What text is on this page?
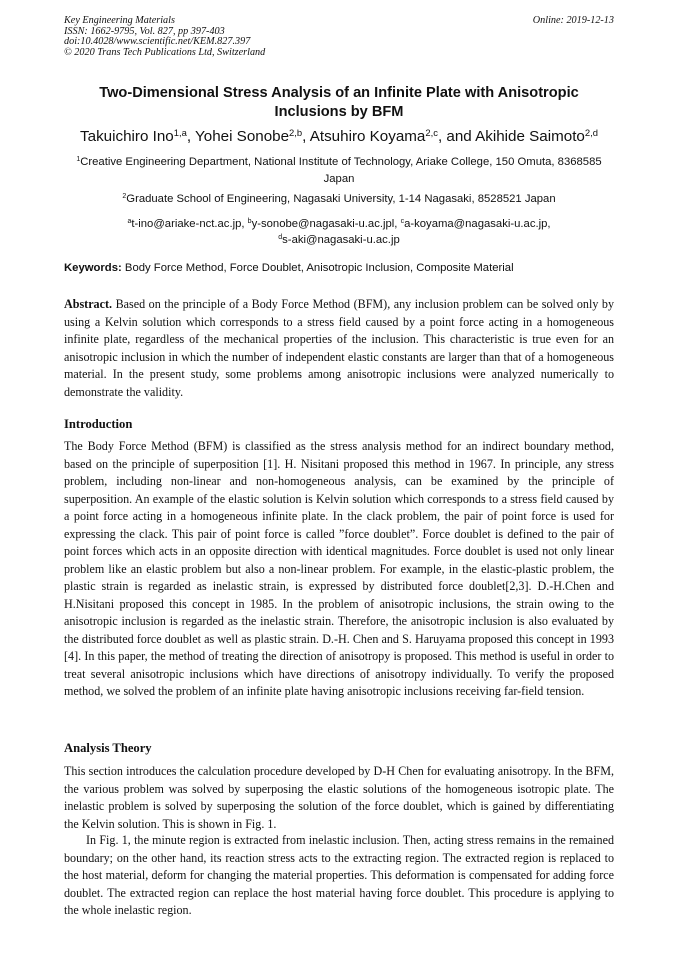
Key Engineering Materials
ISSN: 1662-9795, Vol. 827, pp 397-403
doi:10.4028/www.scientific.net/KEM.827.397
© 2020 Trans Tech Publications Ltd, Switzerland
Online: 2019-12-13
Two-Dimensional Stress Analysis of an Infinite Plate with Anisotropic Inclusions by BFM
Takuichiro Ino$^{1,a}$, Yohei Sonobe$^{2,b}$, Atsuhiro Koyama$^{2,c}$, and Akihide Saimoto$^{2,d}$
$^1$Creative Engineering Department, National Institute of Technology, Ariake College, 150 Omuta, 8368585 Japan
$^2$Graduate School of Engineering, Nagasaki University, 1-14 Nagasaki, 8528521 Japan
$^a$t-ino@ariake-nct.ac.jp, $^b$y-sonobe@nagasaki-u.ac.jpl, $^c$a-koyama@nagasaki-u.ac.jp,
$^d$s-aki@nagasaki-u.ac.jp
Keywords: Body Force Method, Force Doublet, Anisotropic Inclusion, Composite Material
Abstract. Based on the principle of a Body Force Method (BFM), any inclusion problem can be solved only by using a Kelvin solution which corresponds to a stress field caused by a point force acting in a homogeneous infinite plate, regardless of the mechanical properties of the inclusion. This characteristic is true even for an anisotropic inclusion in which the number of independent elastic constants are larger than that of a homogeneous material. In the present study, some problems among anisotropic inclusions were analyzed numerically to demonstrate the validity.
Introduction
The Body Force Method (BFM) is classified as the stress analysis method for an indirect boundary method, based on the principle of superposition [1]. H. Nisitani proposed this method in 1967. In principle, any stress problem, including non-linear and non-homogeneous analysis, can be examined by the principle of superposition. An example of the elastic solution is Kelvin solution which corresponds to a stress field caused by a point force acting in a homogeneous infinite plate. In the clack problem, the pair of point force is used for expressing the clack. This pair of point force is called ”force doublet”. Force doublet is defined to the pair of point forces which acts in an opposite direction with identical magnitudes. Force doublet is used not only linear problem like an elastic problem but also a non-linear problem. For example, in the elastic-plastic problem, the plastic strain is regarded as inelastic strain, is expressed by distributed force doublet[2,3]. D.-H.Chen and H.Nisitani proposed this concept in 1985. In the problem of anisotropic inclusions, the strain owing to the anisotropic inclusion is regarded as the inelastic strain. Therefore, the anisotropic inclusion is also evaluated by the distributed force doublet as well as plastic strain. D.-H. Chen and S. Haruyama proposed this concept in 1993 [4]. In this paper, the method of treating the direction of anisotropy is proposed. This method is useful in order to treat several anisotropic inclusions which have directions of anisotropy individually. To verify the proposed method, we solved the problem of an infinite plate having anisotropic inclusions receiving far-field tension.
Analysis Theory
This section introduces the calculation procedure developed by D-H Chen for evaluating anisotropy. In the BFM, the various problem was solved by superposing the elastic solutions of the homogeneous isotropic plate. The inelastic problem is solved by superposing the solution of the force doublet, which is gained by differentiating the Kelvin solution. This is shown in Fig. 1.
In Fig. 1, the minute region is extracted from inelastic inclusion. Then, acting stress remains in the remained boundary; on the other hand, its reaction stress acts to the extracting region. The extracted region is replaced to the host material, deform for changing the material properties. This deformation is compensated for adding force doublet. The extracted region can replace the host material having force doublet. This procedure is applying to the whole inelastic region.
